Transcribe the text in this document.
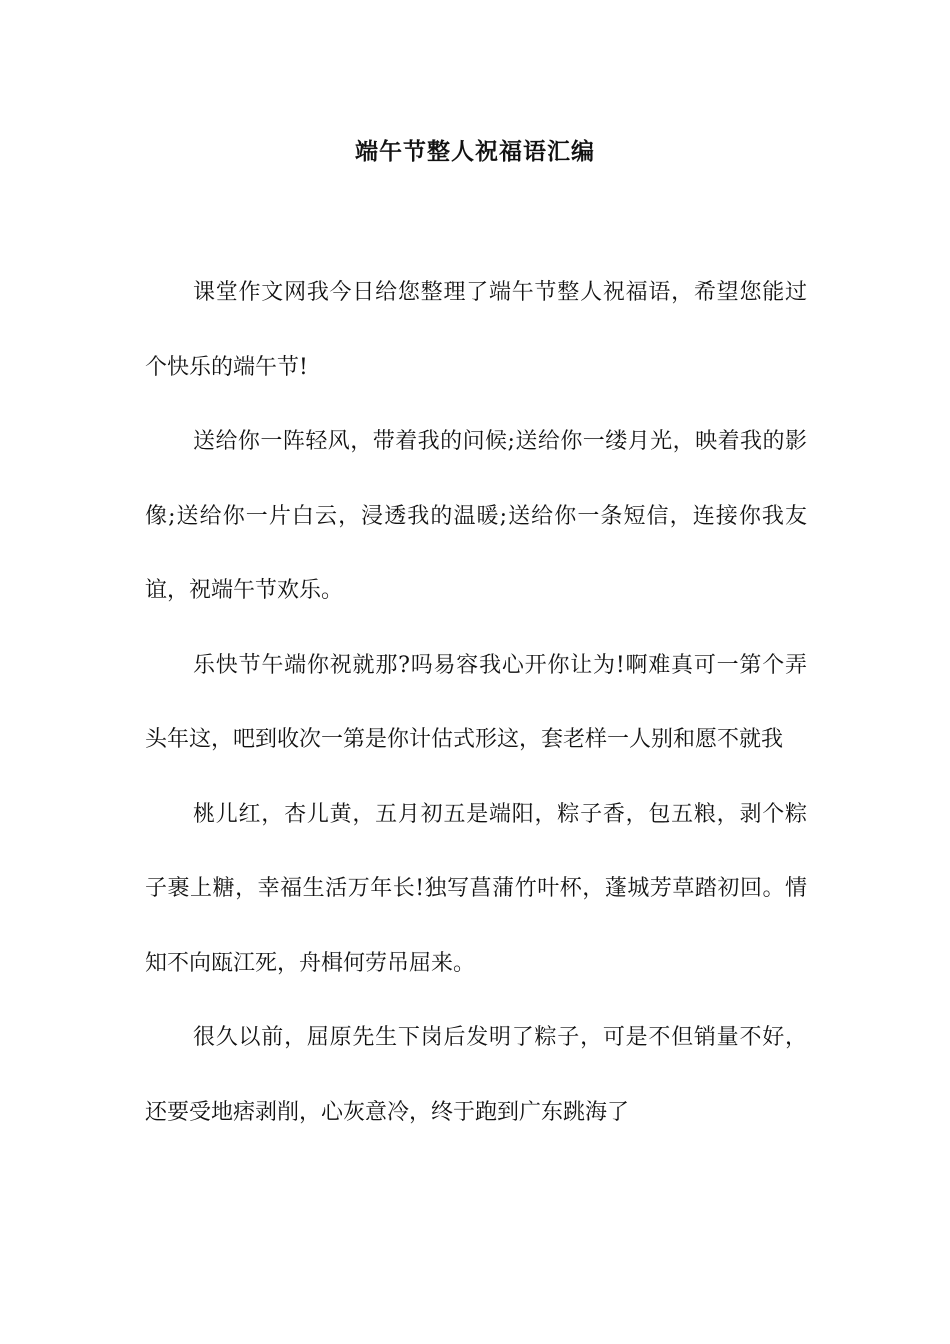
端午节整人祝福语汇编

课堂作文网我今日给您整理了端午节整人祝福语，希望您能过个快乐的端午节!

送给你一阵轻风，带着我的问候;送给你一缕月光，映着我的影像;送给你一片白云，浸透我的温暖;送给你一条短信，连接你我友谊，祝端午节欢乐。

乐快节午端你祝就那?吗易容我心开你让为!啊难真可一第个弄头年这，吧到收次一第是你计估式形这，套老样一人别和愿不就我

桃儿红，杏儿黄，五月初五是端阳，粽子香，包五粮，剥个粽子裹上糖，幸福生活万年长!独写菖蒲竹叶杯，蓬城芳草踏初回。情知不向瓯江死，舟楫何劳吊屈来。

很久以前，屈原先生下岗后发明了粽子，可是不但销量不好，还要受地痞剥削，心灰意冷，终于跑到广东跳海了
